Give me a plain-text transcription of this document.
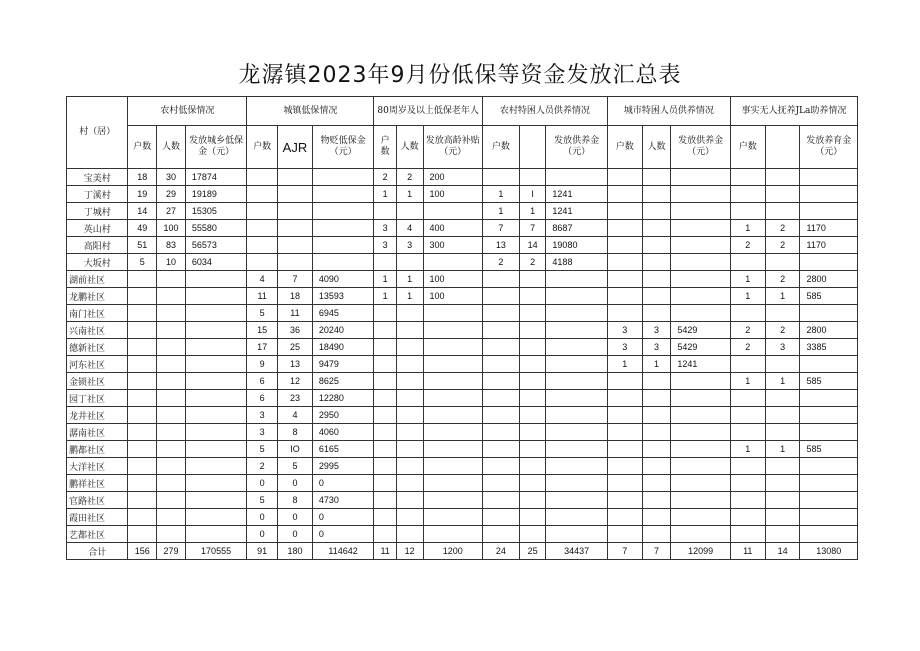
龙潺镇2023年9月份低保等资金发放汇总表
村（居）	农村低保情况			城镇低保情况			80周岁及以上低保老年人			农村特困人员供养情况			城市特困人员供养情况			事实无人抚养JLa助养情况		
	户数	人数	发放城乡低保金（元）	户数	AJR	物贬低保金（元）	户数	人数	发放高龄补贴（元）	户数		发放供养金（元）	户数	人数	发放供养金（元）	户数		发放养育金（元）
宝美村	18	30	17874				2	2	200									
丁溪村	19	29	19189				1	1	100	1	I	1241						
丁城村	14	27	15305							1	1	1241						
英山村	49	100	55580				3	4	400	7	7	8687				1	2	1170
高阳村	51	83	56573				3	3	300	13	14	19080				2	2	1170
大坂村	5	10	6034							2	2	4188						
湖前社区				4	7	4090	1	1	100							1	2	2800
龙鹏社区				11	18	13593	1	1	100							1	1	585
南门社区				5	11	6945												
兴南社区				15	36	20240							3	3	5429	2	2	2800
德新社区				17	25	18490							3	3	5429	2	3	3385
河东社区				9	13	9479							1	1	1241			
金锁社区				6	12	8625										1	1	585
园丁社区				6	23	12280												
龙井社区				3	4	2950												
潺南社区				3	8	4060												
鹏都社区				5	IO	6165										1	1	585
大洋社区				2	5	2995												
鹏祥社区				0	0	0												
官路社区				5	8	4730												
霞田社区				0	0	0												
艺都社区				0	0	0												
合计	156	279	170555	91	180	114642	11	12	1200	24	25	34437	7	7	12099	11	14	13080
